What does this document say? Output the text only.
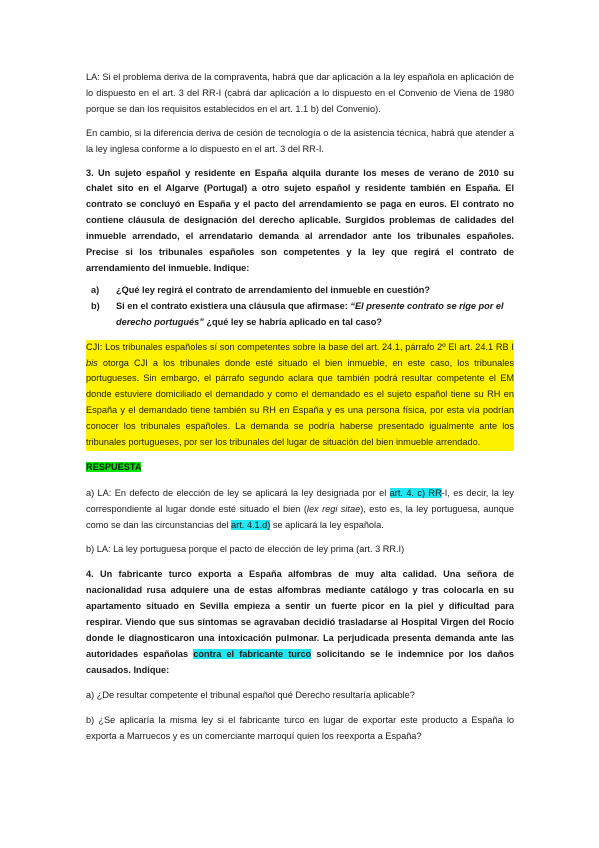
LA: Si el problema deriva de la compraventa, habrá que dar aplicación a la ley española en aplicación de lo dispuesto en el art. 3 del RR-I (cabrá dar aplicación a lo dispuesto en el Convenio de Viena de 1980 porque se dan los requisitos establecidos en el art. 1.1 b) del Convenio).

En cambio, si la diferencia deriva de cesión de tecnología o de la asistencia técnica, habrá que atender a la ley inglesa conforme a lo dispuesto en el art. 3 del RR-I.

3. Un sujeto español y residente en España alquila durante los meses de verano de 2010 su chalet sito en el Algarve (Portugal) a otro sujeto español y residente también en España. El contrato se concluyó en España y el pacto del arrendamiento se paga en euros. El contrato no contiene cláusula de designación del derecho aplicable. Surgidos problemas de calidades del inmueble arrendado, el arrendatario demanda al arrendador ante los tribunales españoles. Precise si los tribunales españoles son competentes y la ley que regirá el contrato de arrendamiento del inmueble. Indique:

a) ¿Qué ley regirá el contrato de arrendamiento del inmueble en cuestión?
b) Si en el contrato existiera una cláusula que afirmase: “El presente contrato se rige por el derecho portugués” ¿qué ley se habría aplicado en tal caso?

CJI: Los tribunales españoles sí son competentes sobre la base del art. 24.1, párrafo 2º El art. 24.1 RB I bis otorga CJI a los tribunales donde esté situado el bien inmueble, en este caso, los tribunales portugueses. Sin embargo, el párrafo segundo aclara que también podrá resultar competente el EM donde estuviere domiciliado el demandado y como el demandado es el sujeto español tiene su RH en España y el demandado tiene también su RH en España y es una persona física, por esta vía podrían conocer los tribunales españoles. La demanda se podría haberse presentado igualmente ante los tribunales portugueses, por ser los tribunales del lugar de situación del bien inmueble arrendado.

RESPUESTA

a) LA: En defecto de elección de ley se aplicará la ley designada por el art. 4. c) RR-I, es decir, la ley correspondiente al lugar donde esté situado el bien (lex regi sitae), esto es, la ley portuguesa, aunque como se dan las circunstancias del art. 4.1.d) se aplicará la ley española.

b) LA: La ley portuguesa porque el pacto de elección de ley prima (art. 3 RR.I)

4. Un fabricante turco exporta a España alfombras de muy alta calidad. Una señora de nacionalidad rusa adquiere una de estas alfombras mediante catálogo y tras colocarla en su apartamento situado en Sevilla empieza a sentir un fuerte picor en la piel y dificultad para respirar. Viendo que sus síntomas se agravaban decidió trasladarse al Hospital Virgen del Rocío donde le diagnosticaron una intoxicación pulmonar. La perjudicada presenta demanda ante las autoridades españolas contra el fabricante turco solicitando se le indemnice por los daños causados. Indique:

a) ¿De resultar competente el tribunal español qué Derecho resultaría aplicable?

b) ¿Se aplicaría la misma ley si el fabricante turco en lugar de exportar este producto a España lo exporta a Marruecos y es un comerciante marroquí quien los reexporta a España?
